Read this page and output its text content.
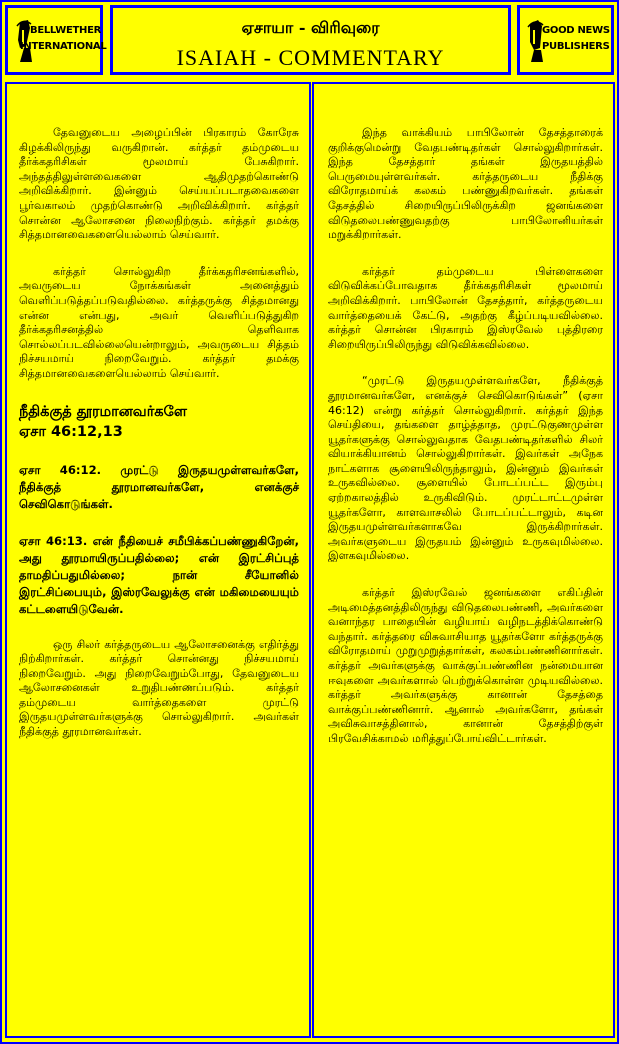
BELLWETHER
INTERNATIONAL
ஏசாயா - விரிவுரை
ISAIAH - COMMENTARY
GOOD NEWS
PUBLISHERS

தேவனுடைய அழைப்பின் பிரகாரம் கோரேசு கிழக்கிலிருந்து வருகிறான். கர்த்தர் தம்முடைய தீர்க்கதரிசிகள் மூலமாய் பேசுகிறார். அந்தத்திலுள்ளவைகளை ஆதிமுதற்கொண்டு அறிவிக்கிறார். இன்னும் செய்யப்படாதவைகளை பூர்வகாலம் முதற்கொண்டு அறிவிக்கிறார். கர்த்தர் சொன்ன ஆலோசனை நிலைநிற்கும். கர்த்தர் தமக்கு சித்தமானவைகளையெல்லாம் செய்வார்.

கர்த்தர் சொல்லுகிற தீர்க்கதரிசனங்களில், அவருடைய நோக்கங்கள் அனைத்தும் வெளிப்படுத்தப்படுவதில்லை. கர்த்தருக்கு சித்தமானது என்ன என்பது, அவர் வெளிப்படுத்துகிற தீர்க்கதரிசனத்தில் தெளிவாக சொல்லப்படவில்லையென்றாலும், அவருடைய சித்தம் நிச்சயமாய் நிறைவேறும். கர்த்தர் தமக்கு சித்தமானவைகளையெல்லாம் செய்வார்.

நீதிக்குத் தூரமானவர்களே
ஏசா 46:12,13

ஏசா 46:12. முரட்டு இருதயமுள்ளவர்களே, நீதிக்குத் தூரமானவர்களே, எனக்குச் செவிகொடுங்கள்.

ஏசா 46:13. என் நீதியைச் சமீபிக்கப்பண்ணுகிறேன், அது தூரமாயிருப்பதில்லை; என் இரட்சிப்புத் தாமதிப்பதுமில்லை; நான் சீயோனில் இரட்சிப்பையும், இஸ்ரவேலுக்கு என் மகிமையையும் கட்டளையிடுவேன்.

ஒரு சிலர் கர்த்தருடைய ஆலோசனைக்கு எதிர்த்து நிற்கிறார்கள். கர்த்தர் சொன்னது நிச்சயமாய் நிறைவேறும். அது நிறைவேறும்போது, தேவனுடைய ஆலோசனைகள் உறுதிபண்ணப்படும். கர்த்தர் தம்முடைய வார்த்தைகளை முரட்டு இருதயமுள்ளவர்களுக்கு சொல்லுகிறார். அவர்கள் நீதிக்குத் தூரமானவர்கள்.

இந்த வாக்கியம் பாபிலோன் தேசத்தாரைக் குறிக்குமென்று வேதபண்டிதர்கள் சொல்லுகிறார்கள். இந்த தேசத்தார் தங்கள் இருதயத்தில் பெருமையுள்ளவர்கள். கர்த்தருடைய நீதிக்கு விரோதமாய்க் கலகம் பண்ணுகிறவர்கள். தங்கள் தேசத்தில் சிறையிருப்பிலிருக்கிற ஜனங்களை விடுதலைபண்ணுவதற்கு பாபிலோனியர்கள் மறுக்கிறார்கள்.

கர்த்தர் தம்முடைய பிள்ளைகளை விடுவிக்கப்போவதாக தீர்க்கதரிசிகள் மூலமாய் அறிவிக்கிறார். பாபிலோன் தேசத்தார், கர்த்தருடைய வார்த்தையைக் கேட்டு, அதற்கு கீழ்ப்படியவில்லை. கர்த்தர் சொன்ன பிரகாரம் இஸ்ரவேல் புத்திரரை சிறையிருப்பிலிருந்து விடுவிக்கவில்லை.

“முரட்டு இருதயமுள்ளவர்களே, நீதிக்குத் தூரமானவர்களே, எனக்குச் செவிகொடுங்கள்” (ஏசா 46:12) என்று கர்த்தர் சொல்லுகிறார். கர்த்தர் இந்த செய்தியை, தங்களை தாழ்த்தாத, முரட்டுகுணமுள்ள யூதர்களுக்கு சொல்லுவதாக வேதபண்டிதர்களில் சிலர் வியாக்கியானம் சொல்லுகிறார்கள். இவர்கள் அநேக நாட்களாக சூளையிலிருந்தாலும், இன்னும் இவர்கள் உருகவில்லை. சூளையில் போடப்பட்ட இரும்பு ஏற்றகாலத்தில் உருகிவிடும். முரட்டாட்டமுள்ள யூதர்களோ, காளவாசலில் போடப்பட்டாலும், கடின இருதயமுள்ளவர்களாகவே இருக்கிறார்கள். அவர்களுடைய இருதயம் இன்னும் உருகவுமில்லை. இளகவுமில்லை.

கர்த்தர் இஸ்ரவேல் ஜனங்களை எகிப்தின் அடிமைத்தனத்திலிருந்து விடுதலைபண்ணி, அவர்களை வனாந்தர பாதையின் வழியாய் வழிநடத்திக்கொண்டு வந்தார். கர்த்தரை விசுவாசியாத யூதர்களோ கர்த்தருக்கு விரோதமாய் முறுமுறுத்தார்கள், கலகம்பண்ணினார்கள். கர்த்தர் அவர்களுக்கு வாக்குப்பண்ணின நன்மையான ஈவுகளை அவர்களால் பெற்றுக்கொள்ள முடியவில்லை. கர்த்தர் அவர்களுக்கு கானான் தேசத்தை வாக்குப்பண்ணினார். ஆனால் அவர்களோ, தங்கள் அவிசுவாசத்தினால், கானான் தேசத்திற்குள் பிரவேசிக்காமல் மரித்துப்போய்விட்டார்கள்.
